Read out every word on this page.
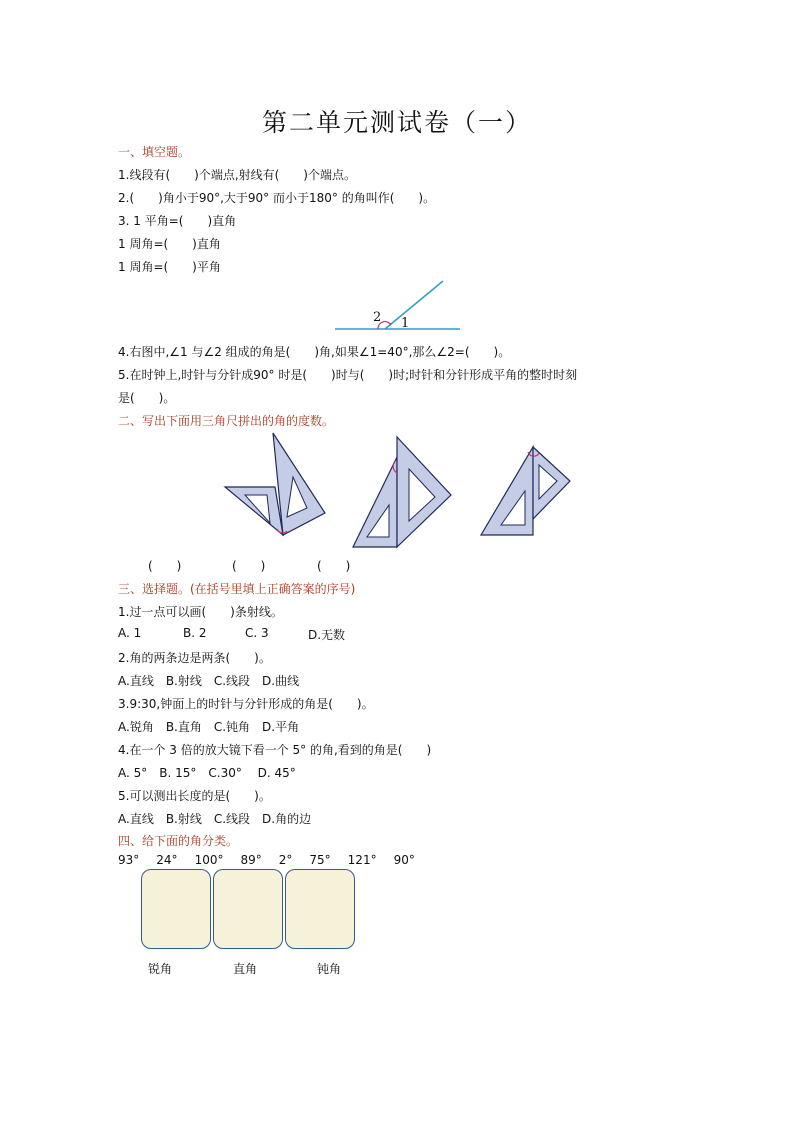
第二单元测试卷（一）
一、填空题。
1.线段有(　　)个端点,射线有(　　)个端点。
2.(　　)角小于90°,大于90° 而小于180° 的角叫作(　　)。
3. 1 平角=(　　)直角
1 周角=(　　)直角
1 周角=(　　)平角
2 1
4.右图中,∠1 与∠2 组成的角是(　　)角,如果∠1=40°,那么∠2=(　　)。
5.在时钟上,时针与分针成90° 时是(　　)时与(　　)时;时针和分针形成平角的整时时刻
是(　　)。
二、写出下面用三角尺拼出的角的度数。
(　　)	(　　)	(　　)
三、选择题。(在括号里填上正确答案的序号)
1.过一点可以画(　　)条射线。
A. 1	B. 2	C. 3	D.无数
2.角的两条边是两条(　　)。
A.直线　B.射线　C.线段　D.曲线
3.9:30,钟面上的时针与分针形成的角是(　　)。
A.锐角　B.直角　C.钝角　D.平角
4.在一个 3 倍的放大镜下看一个 5° 的角,看到的角是(　　)
A. 5°　B. 15°　C.30°　 D. 45°
5.可以测出长度的是(　　)。
A.直线　B.射线　C.线段　D.角的边
四、给下面的角分类。
93° 24° 100° 89° 2° 75° 121° 90°
锐角	直角	钝角
